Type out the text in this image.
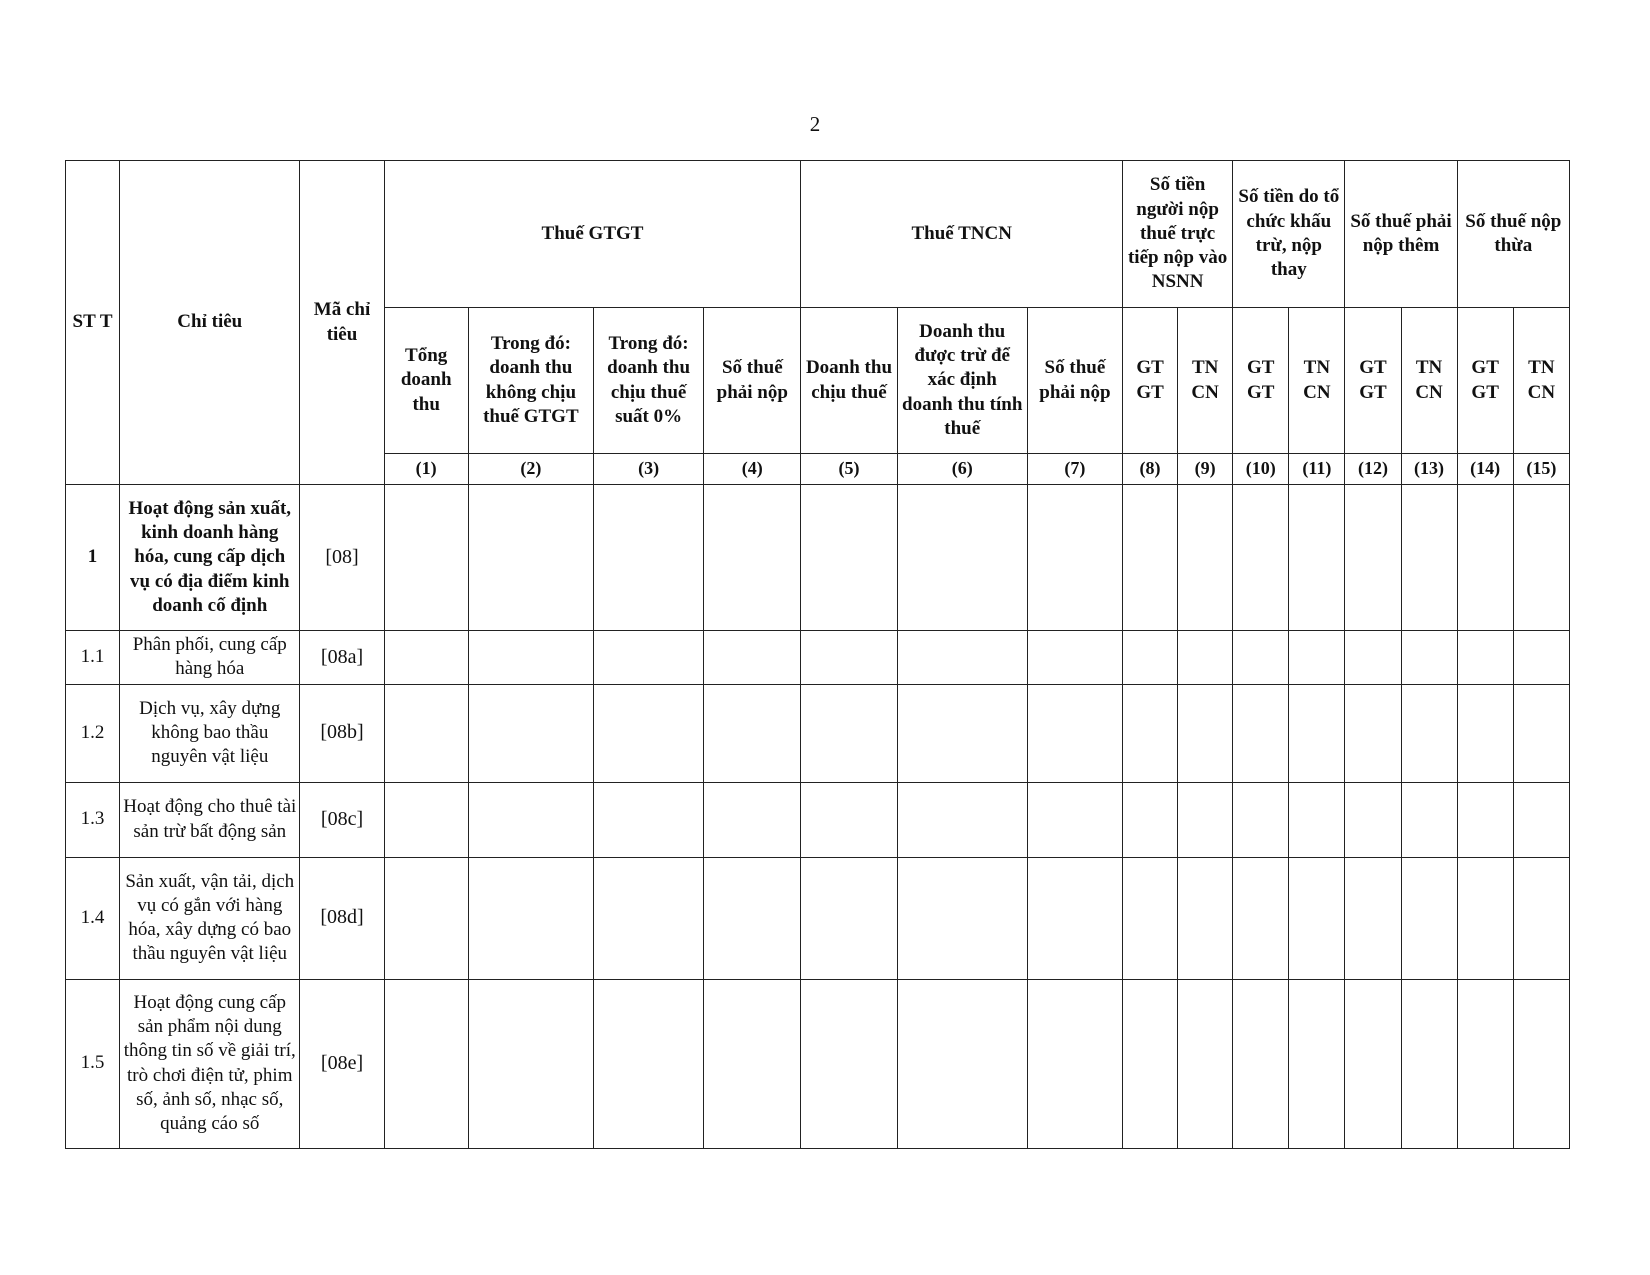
2
ST T	Chỉ tiêu	Mã chỉ tiêu	Thuế GTGT				Thuế TNCN			Số tiền người nộp thuế trực tiếp nộp vào NSNN		Số tiền do tổ chức khấu trừ, nộp thay		Số thuế phải nộp thêm		Số thuế nộp thừa	
			Tổng doanh thu	Trong đó: doanh thu không chịu thuế GTGT	Trong đó: doanh thu chịu thuế suất 0%	Số thuế phải nộp	Doanh thu chịu thuế	Doanh thu được trừ để xác định doanh thu tính thuế	Số thuế phải nộp	GT GT	TN CN	GT GT	TN CN	GT GT	TN CN	GT GT	TN CN
			(1)	(2)	(3)	(4)	(5)	(6)	(7)	(8)	(9)	(10)	(11)	(12)	(13)	(14)	(15)
1	Hoạt động sản xuất, kinh doanh hàng hóa, cung cấp dịch vụ có địa điểm kinh doanh cố định	[08]															
1.1	Phân phối, cung cấp hàng hóa	[08a]															
1.2	Dịch vụ, xây dựng không bao thầu nguyên vật liệu	[08b]															
1.3	Hoạt động cho thuê tài sản trừ bất động sản	[08c]															
1.4	Sản xuất, vận tải, dịch vụ có gắn với hàng hóa, xây dựng có bao thầu nguyên vật liệu	[08d]															
1.5	Hoạt động cung cấp sản phẩm nội dung thông tin số về giải trí, trò chơi điện tử, phim số, ảnh số, nhạc số, quảng cáo số	[08e]															
